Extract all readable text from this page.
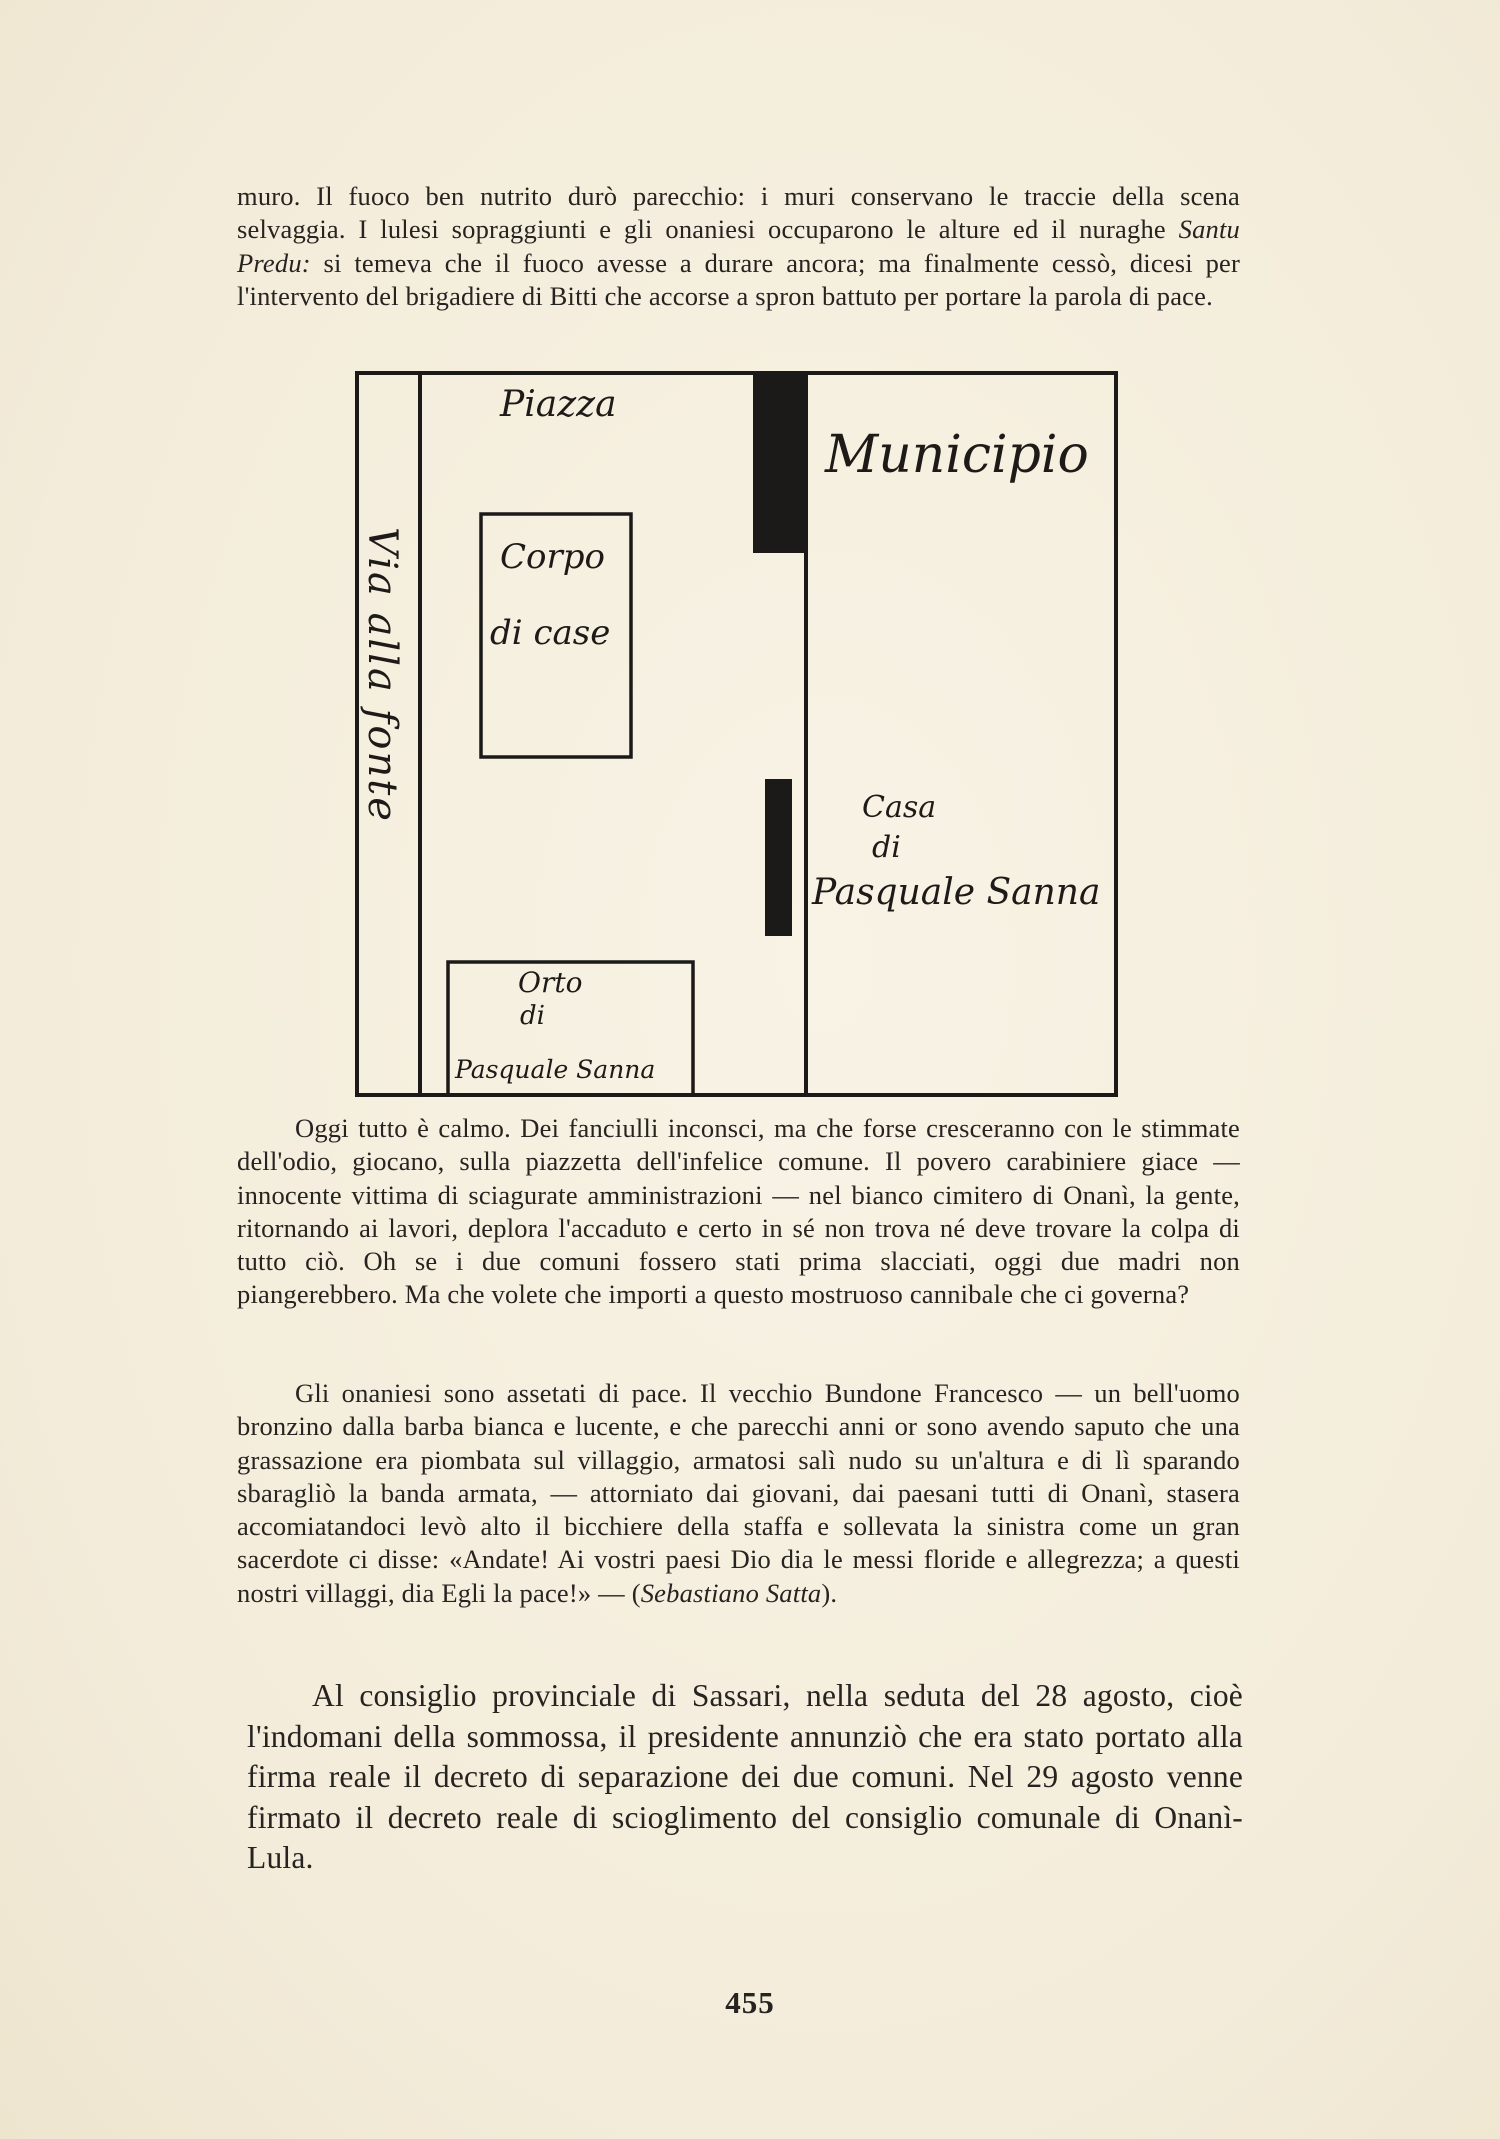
muro. Il fuoco ben nutrito durò parecchio: i muri conservano le traccie della scena selvaggia. I lulesi sopraggiunti e gli onaniesi occuparono le alture ed il nuraghe Santu Predu: si temeva che il fuoco avesse a durare ancora; ma finalmente cessò, dicesi per l'intervento del brigadiere di Bitti che accorse a spron battuto per portare la parola di pace.

Piazza

Municipio

Corpo

di case

Via alla fonte	Casa

di

Pasquale Sanna

Orto

di

Pasquale Sanna

Oggi tutto è calmo. Dei fanciulli inconsci, ma che forse cresceranno con le stimmate dell'odio, giocano, sulla piazzetta dell'infelice comune. Il povero carabiniere giace — innocente vittima di sciagurate amministrazioni — nel bianco cimitero di Onanì, la gente, ritornando ai lavori, deplora l'accaduto e certo in sé non trova né deve trovare la colpa di tutto ciò. Oh se i due comuni fossero stati prima slacciati, oggi due madri non piangerebbero. Ma che volete che importi a questo mostruoso cannibale che ci governa?

Gli onaniesi sono assetati di pace. Il vecchio Bundone Francesco — un bell'uomo bronzino dalla barba bianca e lucente, e che parecchi anni or sono avendo saputo che una grassazione era piombata sul villaggio, armatosi salì nudo su un'altura e di lì sparando sbaragliò la banda armata, — attorniato dai giovani, dai paesani tutti di Onanì, stasera accomiatandoci levò alto il bicchiere della staffa e sollevata la sinistra come un gran sacerdote ci disse: «Andate! Ai vostri paesi Dio dia le messi floride e allegrezza; a questi nostri villaggi, dia Egli la pace!» — (Sebastiano Satta).

Al consiglio provinciale di Sassari, nella seduta del 28 agosto, cioè l'indomani della sommossa, il presidente annunziò che era stato portato alla firma reale il decreto di separazione dei due comuni. Nel 29 agosto venne firmato il decreto reale di scioglimento del consiglio comunale di Onanì-Lula.

455
